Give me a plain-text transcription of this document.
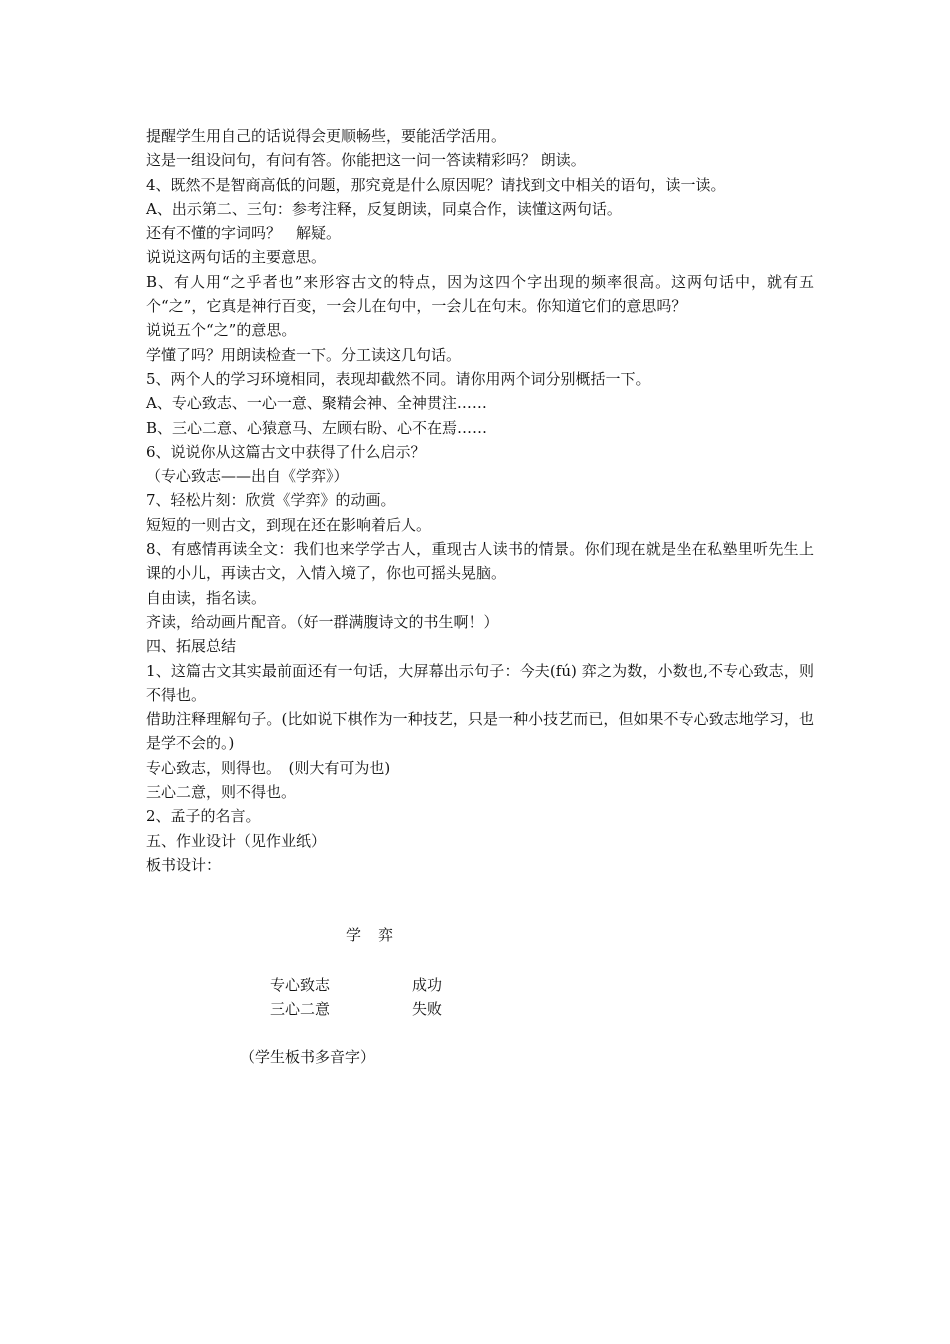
提醒学生用自己的话说得会更顺畅些，要能活学活用。
这是一组设问句，有问有答。你能把这一问一答读精彩吗？ 朗读。
4、既然不是智商高低的问题，那究竟是什么原因呢？请找到文中相关的语句，读一读。
A、出示第二、三句：参考注释，反复朗读，同桌合作，读懂这两句话。
还有不懂的字词吗？　解疑。
说说这两句话的主要意思。
B、有人用“之乎者也”来形容古文的特点，因为这四个字出现的频率很高。这两句话中，就有五个“之”，它真是神行百变，一会儿在句中，一会儿在句末。你知道它们的意思吗？
说说五个“之”的意思。
学懂了吗？用朗读检查一下。分工读这几句话。
5、两个人的学习环境相同，表现却截然不同。请你用两个词分别概括一下。
A、专心致志、一心一意、聚精会神、全神贯注……
B、三心二意、心猿意马、左顾右盼、心不在焉……
6、说说你从这篇古文中获得了什么启示？
（专心致志——出自《学弈》）
7、轻松片刻：欣赏《学弈》的动画。
短短的一则古文，到现在还在影响着后人。
8、有感情再读全文：我们也来学学古人，重现古人读书的情景。你们现在就是坐在私塾里听先生上课的小儿，再读古文，入情入境了，你也可摇头晃脑。
自由读，指名读。
齐读，给动画片配音。（好一群满腹诗文的书生啊！）
四、拓展总结
1、这篇古文其实最前面还有一句话，大屏幕出示句子：今夫(fú) 弈之为数，小数也,不专心致志，则不得也。
借助注释理解句子。(比如说下棋作为一种技艺，只是一种小技艺而已，但如果不专心致志地学习，也是学不会的。)
专心致志，则得也。　(则大有可为也)
三心二意，则不得也。
2、孟子的名言。
五、作业设计（见作业纸）
板书设计：
学　弈
专心致志	成功
三心二意	失败
（学生板书多音字）
